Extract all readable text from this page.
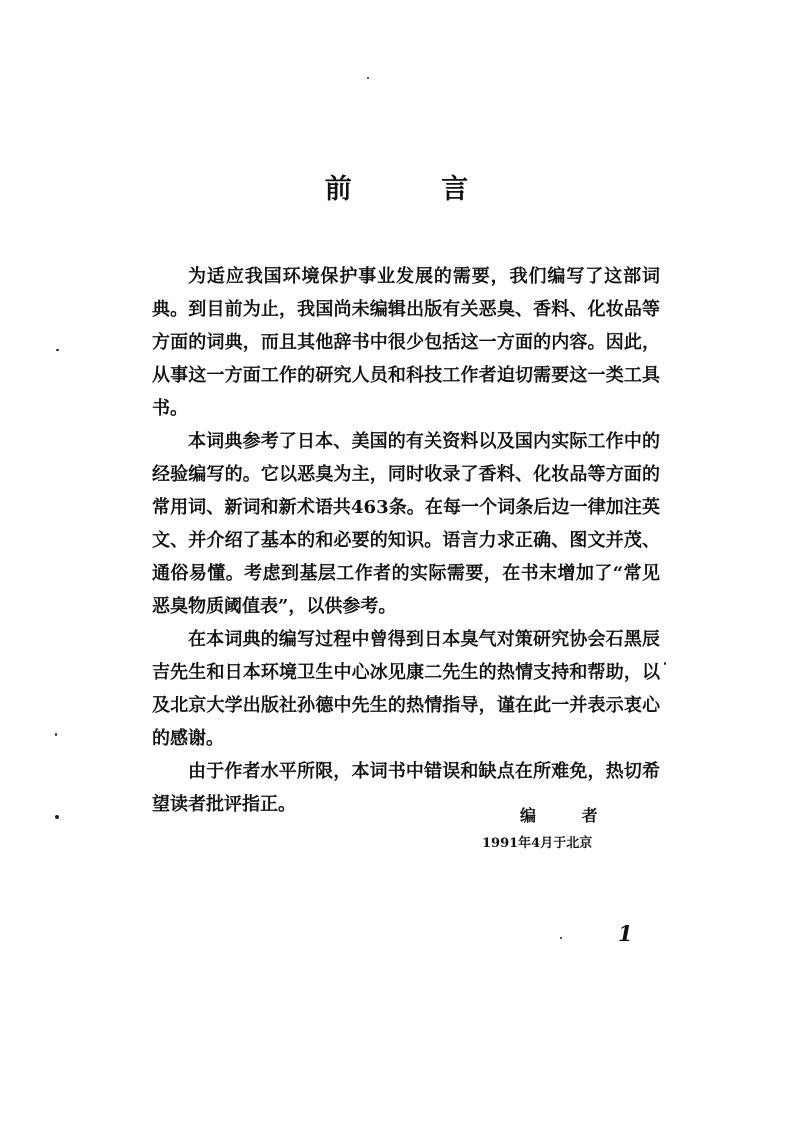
前 言

为适应我国环境保护事业发展的需要，我们编写了这部词典。到目前为止，我国尚未编辑出版有关恶臭、香料、化妆品等方面的词典，而且其他辞书中很少包括这一方面的内容。因此，从事这一方面工作的研究人员和科技工作者迫切需要这一类工具书。

本词典参考了日本、美国的有关资料以及国内实际工作中的经验编写的。它以恶臭为主，同时收录了香料、化妆品等方面的常用词、新词和新术语共463条。在每一个词条后边一律加注英文、并介绍了基本的和必要的知识。语言力求正确、图文并茂、通俗易懂。考虑到基层工作者的实际需要，在书末增加了“常见恶臭物质阈值表”，以供参考。

在本词典的编写过程中曾得到日本臭气对策研究协会石黑辰吉先生和日本环境卫生中心冰见康二先生的热情支持和帮助，以及北京大学出版社孙德中先生的热情指导，谨在此一并表示衷心的感谢。

由于作者水平所限，本词书中错误和缺点在所难免，热切希望读者批评指正。

编 者
1991年4月于北京
1
